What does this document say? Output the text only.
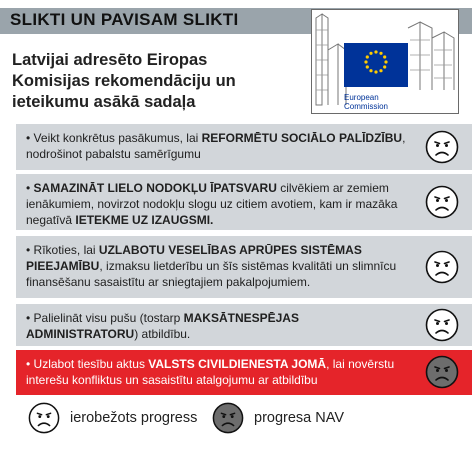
SLIKTI UN PAVISAM SLIKTI
Latvijai adresēto Eiropas
Komisijas rekomendāciju un
ieteikumu asākā sadaļa	European
Commission
• Veikt konkrētus pasākumus, lai REFORMĒTU SOCIĀLO PALĪDZĪBU, nodrošinot pabalstu samērīgumu
• SAMAZINĀT LIELO NODOKĻU ĪPATSVARU cilvēkiem ar zemiem ienākumiem, novirzot nodokļu slogu uz citiem avotiem, kam ir mazāka negatīvā IETEKME UZ IZAUGSMI.
• Rīkoties, lai UZLABOTU VESELĪBAS APRŪPES SISTĒMAS PIEEJAMĪBU, izmaksu lietderību un šīs sistēmas kvalitāti un slimnīcu finansēšanu sasaistītu ar sniegtajiem pakalpojumiem.
• Palielināt visu pušu (tostarp MAKSĀTNESPĒJAS ADMINISTRATORU) atbildību.
• Uzlabot tiesību aktus VALSTS CIVILDIENESTA JOMĀ, lai novērstu interešu konfliktus un sasaistītu atalgojumu ar atbildību
ierobežots progress	progresa NAV
